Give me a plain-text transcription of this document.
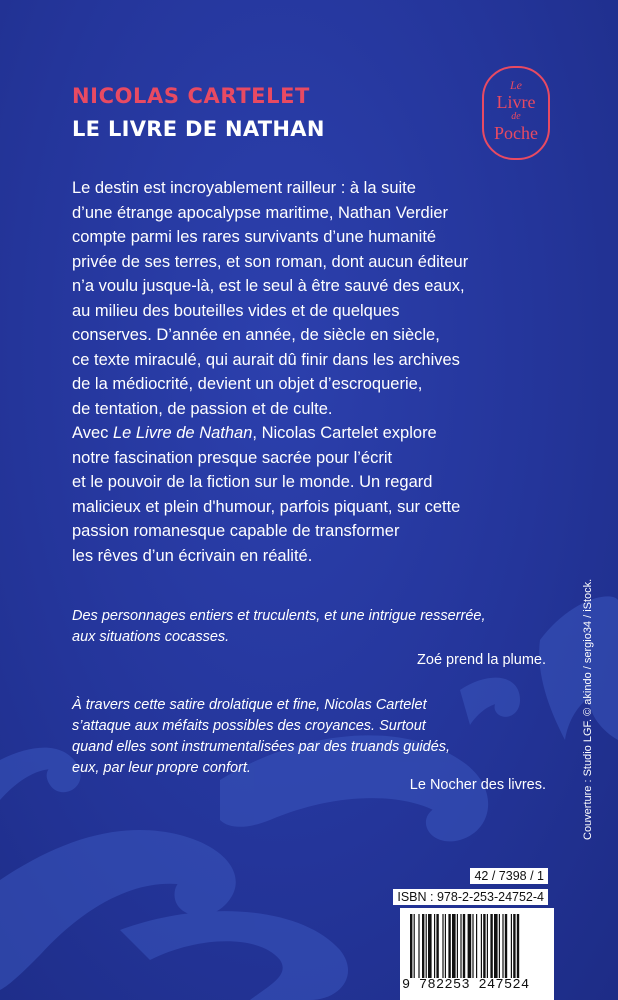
NICOLAS CARTELET
LE LIVRE DE NATHAN
Le
Livre
de
Poche
Le destin est incroyablement railleur : à la suite
d’une étrange apocalypse maritime, Nathan Verdier
compte parmi les rares survivants d’une humanité
privée de ses terres, et son roman, dont aucun éditeur
n’a voulu jusque-là, est le seul à être sauvé des eaux,
au milieu des bouteilles vides et de quelques
conserves. D’année en année, de siècle en siècle,
ce texte miraculé, qui aurait dû finir dans les archives
de la médiocrité, devient un objet d’escroquerie,
de tentation, de passion et de culte.
Avec Le Livre de Nathan, Nicolas Cartelet explore
notre fascination presque sacrée pour l’écrit
et le pouvoir de la fiction sur le monde. Un regard
malicieux et plein d'humour, parfois piquant, sur cette
passion romanesque capable de transformer
les rêves d’un écrivain en réalité.
Des personnages entiers et truculents, et une intrigue resserrée,
aux situations cocasses.
Zoé prend la plume.
À travers cette satire drolatique et fine, Nicolas Cartelet
s’attaque aux méfaits possibles des croyances. Surtout
quand elles sont instrumentalisées par des truands guidés,
eux, par leur propre confort.
Le Nocher des livres.	Couverture : Studio LGF. © akindo / sergio34 / iStock.
42 / 7398 / 1
ISBN : 978-2-253-24752-4
9 782253 247524
